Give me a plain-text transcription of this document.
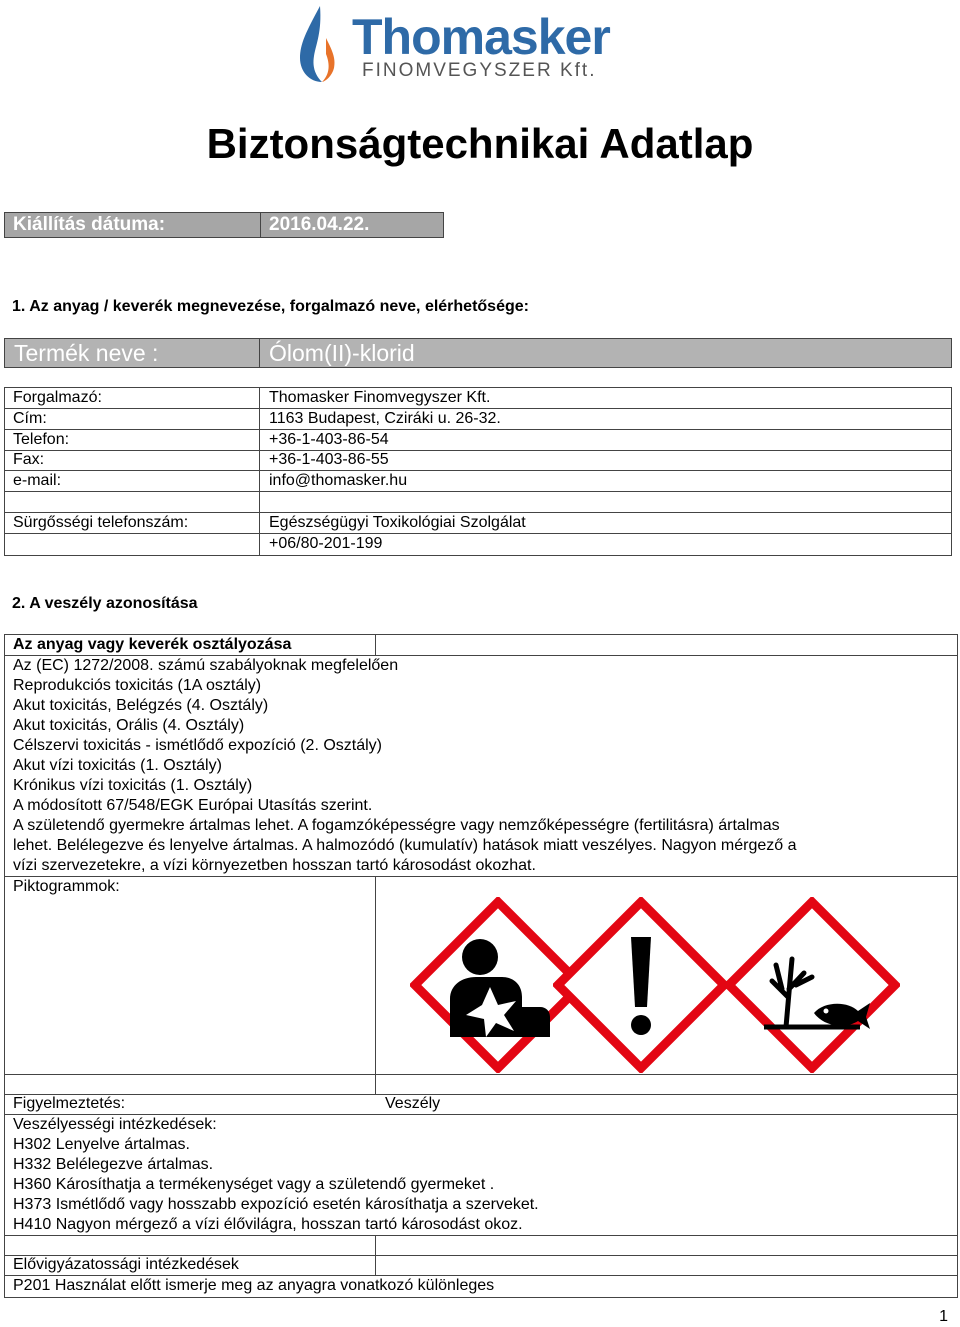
Thomasker
FINOMVEGYSZER Kft.
Biztonságtechnikai Adatlap
Kiállítás dátuma:	2016.04.22.
1. Az anyag / keverék megnevezése, forgalmazó neve, elérhetősége:
Termék neve :	Ólom(II)-klorid
Forgalmazó:	Thomasker Finomvegyszer Kft.
Cím:	1163 Budapest, Cziráki u. 26-32.
Telefon:	+36-1-403-86-54
Fax:	+36-1-403-86-55
e-mail:	info@thomasker.hu
Sürgősségi telefonszám:	Egészségügyi Toxikológiai Szolgálat
+06/80-201-199
2. A veszély azonosítása
Az anyag vagy keverék osztályozása
Az (EC) 1272/2008. számú szabályoknak megfelelően
Reprodukciós toxicitás (1A osztály)
Akut toxicitás, Belégzés (4. Osztály)
Akut toxicitás, Orális (4. Osztály)
Célszervi toxicitás - ismétlődő expozíció (2. Osztály)
Akut vízi toxicitás (1. Osztály)
Krónikus vízi toxicitás (1. Osztály)
A módosított 67/548/EGK Európai Utasítás szerint.
A születendő gyermekre ártalmas lehet. A fogamzóképességre vagy nemzőképességre (fertilitásra) ártalmas
lehet. Belélegezve és lenyelve ártalmas. A halmozódó (kumulatív) hatások miatt veszélyes. Nagyon mérgező a
vízi szervezetekre, a vízi környezetben hosszan tartó károsodást okozhat.
Piktogrammok:
Figyelmeztetés:	Veszély
Veszélyességi intézkedések:
H302 Lenyelve ártalmas.
H332 Belélegezve ártalmas.
H360 Károsíthatja a termékenységet vagy a születendő gyermeket .
H373 Ismétlődő vagy hosszabb expozíció esetén károsíthatja a szerveket.
H410 Nagyon mérgező a vízi élővilágra, hosszan tartó károsodást okoz.
Elővigyázatossági intézkedések
P201 Használat előtt ismerje meg az anyagra vonatkozó különleges
1
